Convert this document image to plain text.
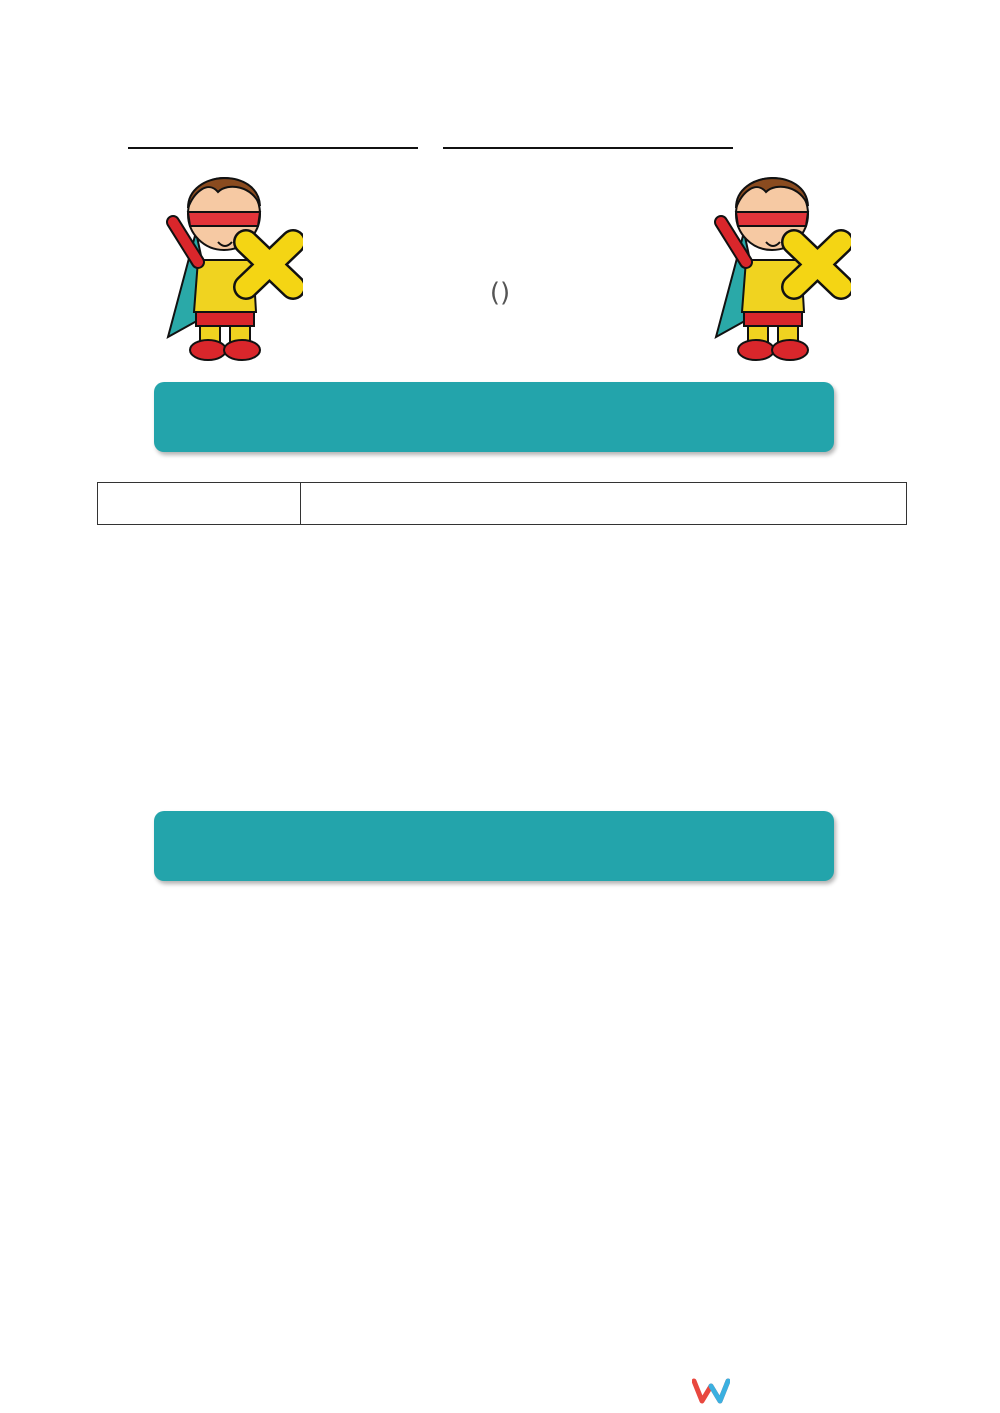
()
